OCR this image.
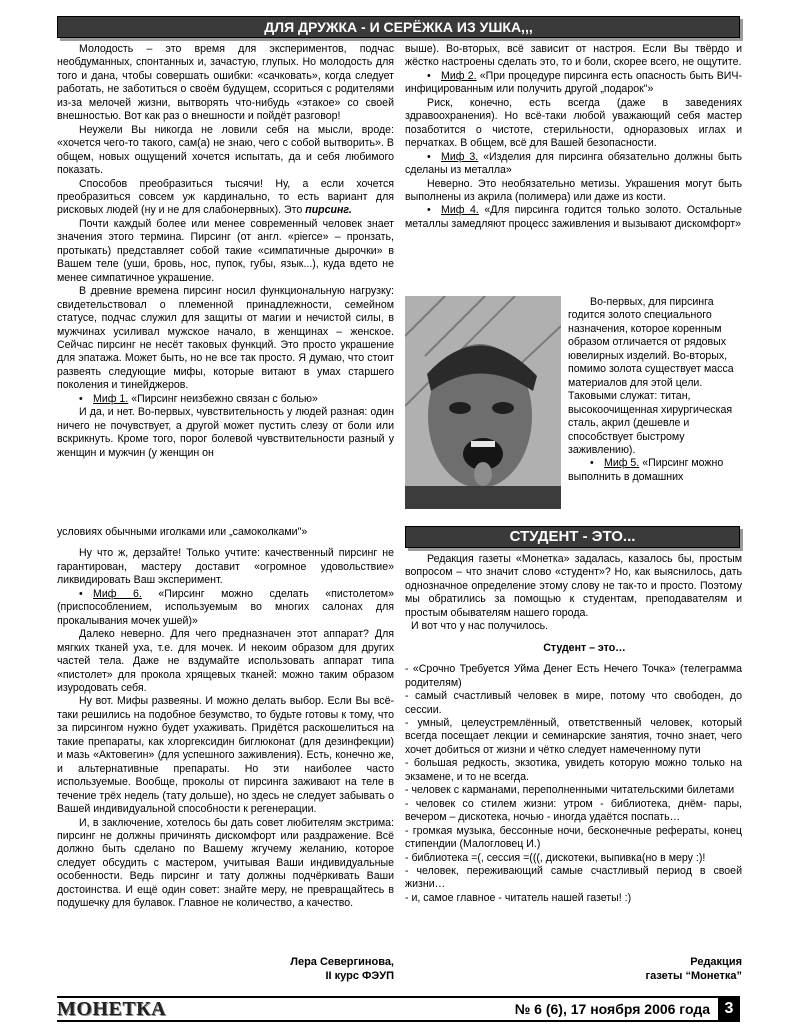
ДЛЯ ДРУЖКА - И СЕРЁЖКА ИЗ УШКА,,,

Молодость – это время для экспериментов, подчас необдуманных, спонтанных и, зачастую, глупых. Но молодость для того и дана, чтобы совершать ошибки: «сачковать», когда следует работать, не заботиться о своём будущем, ссориться с родителями из-за мелочей жизни, вытворять что-нибудь «этакое» со своей внешностью. Вот как раз о внешности и пойдёт разговор!

Неужели Вы никогда не ловили себя на мысли, вроде: «хочется чего-то такого, сам(а) не знаю, чего с собой вытворить». В общем, новых ощущений хочется испытать, да и себя любимого показать.

Способов преобразиться тысячи! Ну, а если хочется преобразиться совсем уж кардинально, то есть вариант для рисковых людей (ну и не для слабонервных). Это пирсинг.

Почти каждый более или менее современный человек знает значения этого термина. Пирсинг (от англ. «pierce» – пронзать, протыкать) представляет собой такие «симпатичные дырочки» в Вашем теле (уши, бровь, нос, пупок, губы, язык...), куда вдето не менее симпатичное украшение.

В древние времена пирсинг носил функциональную нагрузку: свидетельствовал о племенной принадлежности, семейном статусе, подчас служил для защиты от магии и нечистой силы, в мужчинах усиливал мужское начало, в женщинах – женское. Сейчас пирсинг не несёт таковых функций. Это просто украшение для эпатажа. Может быть, но не все так просто. Я думаю, что стоит развеять следующие мифы, которые витают в умах старшего поколения и тинейджеров.

• Миф 1. «Пирсинг неизбежно связан с болью»

И да, и нет. Во-первых, чувствительность у людей разная: один ничего не почувствует, а другой может пустить слезу от боли или вскрикнуть. Кроме того, порог болевой чувствительности разный у женщин и мужчин (у женщин он

условиях обычными иголками или „самоколками"»

Ну что ж, дерзайте! Только учтите: качественный пирсинг не гарантирован, мастеру доставит «огромное удовольствие» ликвидировать Ваш эксперимент.

• Миф 6. «Пирсинг можно сделать «пистолетом» (приспособлением, используемым во многих салонах для прокалывания мочек ушей)»

Далеко неверно. Для чего предназначен этот аппарат? Для мягких тканей уха, т.е. для мочек. И некоим образом для других частей тела. Даже не вздумайте использовать аппарат типа «пистолет» для прокола хрящевых тканей: можно таким образом изуродовать себя.

Ну вот. Мифы развеяны. И можно делать выбор. Если Вы всё-таки решились на подобное безумство, то будьте готовы к тому, что за пирсингом нужно будет ухаживать. Придётся раскошелиться на такие препараты, как хлоргексидин биглюконат (для дезинфекции) и мазь «Актовегин» (для успешного заживления). Есть, конечно же, и альтернативные препараты. Но эти наиболее часто используемые. Вообще, проколы от пирсинга заживают на теле в течение трёх недель (тату дольше), но здесь не следует забывать о Вашей индивидуальной способности к регенерации.

И, в заключение, хотелось бы дать совет любителям экстрима: пирсинг не должны причинять дискомфорт или раздражение. Всё должно быть сделано по Вашему жгучему желанию, которое следует обсудить с мастером, учитывая Ваши индивидуальные особенности. Ведь пирсинг и тату должны подчёркивать Ваши достоинства. И ещё один совет: знайте меру, не превращайтесь в подушечку для булавок. Главное не количество, а качество.

Лера Севергинова,
II курс ФЭУП

выше). Во-вторых, всё зависит от настроя. Если Вы твёрдо и жёстко настроены сделать это, то и боли, скорее всего, не ощутите.

• Миф 2. «При процедуре пирсинга есть опасность быть ВИЧ-инфицированным или получить другой „подарок"»

Риск, конечно, есть всегда (даже в заведениях здравоохранения). Но всё-таки любой уважающий себя мастер позаботится о чистоте, стерильности, одноразовых иглах и перчатках. В общем, всё для Вашей безопасности.

• Миф 3. «Изделия для пирсинга обязательно должны быть сделаны из металла»

Неверно. Это необязательно метизы. Украшения могут быть выполнены из акрила (полимера) или даже из кости.

• Миф 4. «Для пирсинга годится только золото. Остальные металлы замедляют процесс заживления и вызывают дискомфорт»

Во-первых, для пирсинга годится золото специального назначения, которое коренным образом отличается от рядовых ювелирных изделий. Во-вторых, помимо золота существует масса материалов для этой цели. Таковыми служат: титан, высокоочищенная хирургическая сталь, акрил (дешевле и способствует быстрому заживлению).

• Миф 5. «Пирсинг можно выполнить в домашних

СТУДЕНТ - ЭТО...

Редакция газеты «Монетка» задалась, казалось бы, простым вопросом – что значит слово «студент»? Но, как выяснилось, дать однозначное определение этому слову не так-то и просто. Поэтому мы обратились за помощью к студентам, преподавателям и простым обывателям нашего города.

И вот что у нас получилось.

Студент – это…

- «Срочно Требуется Уйма Денег Есть Нечего Точка» (телеграмма родителям)

- самый счастливый человек в мире, потому что свободен, до сессии.

- умный, целеустремлённый, ответственный человек, который всегда посещает лекции и семинарские занятия, точно знает, чего хочет добиться от жизни и чётко следует намеченному пути

- большая редкость, экзотика, увидеть которую можно только на экзамене, и то не всегда.

- человек с карманами, переполненными читательскими билетами

- человек со стилем жизни: утром - библиотека, днём- пары, вечером – дискотека, ночью - иногда удаётся поспать…

- громкая музыка, бессонные ночи, бесконечные рефераты, конец стипендии (Малогловец И.)

- библиотека =(, сессия =(((, дискотеки, выпивка(но в меру :)!

- человек, переживающий самые счастливый период в своей жизни…

- и, самое главное - читатель нашей газеты! :)

Редакция
газеты “Монетка”
МОНЕТКА	№ 6 (6), 17 ноября 2006 года 3
